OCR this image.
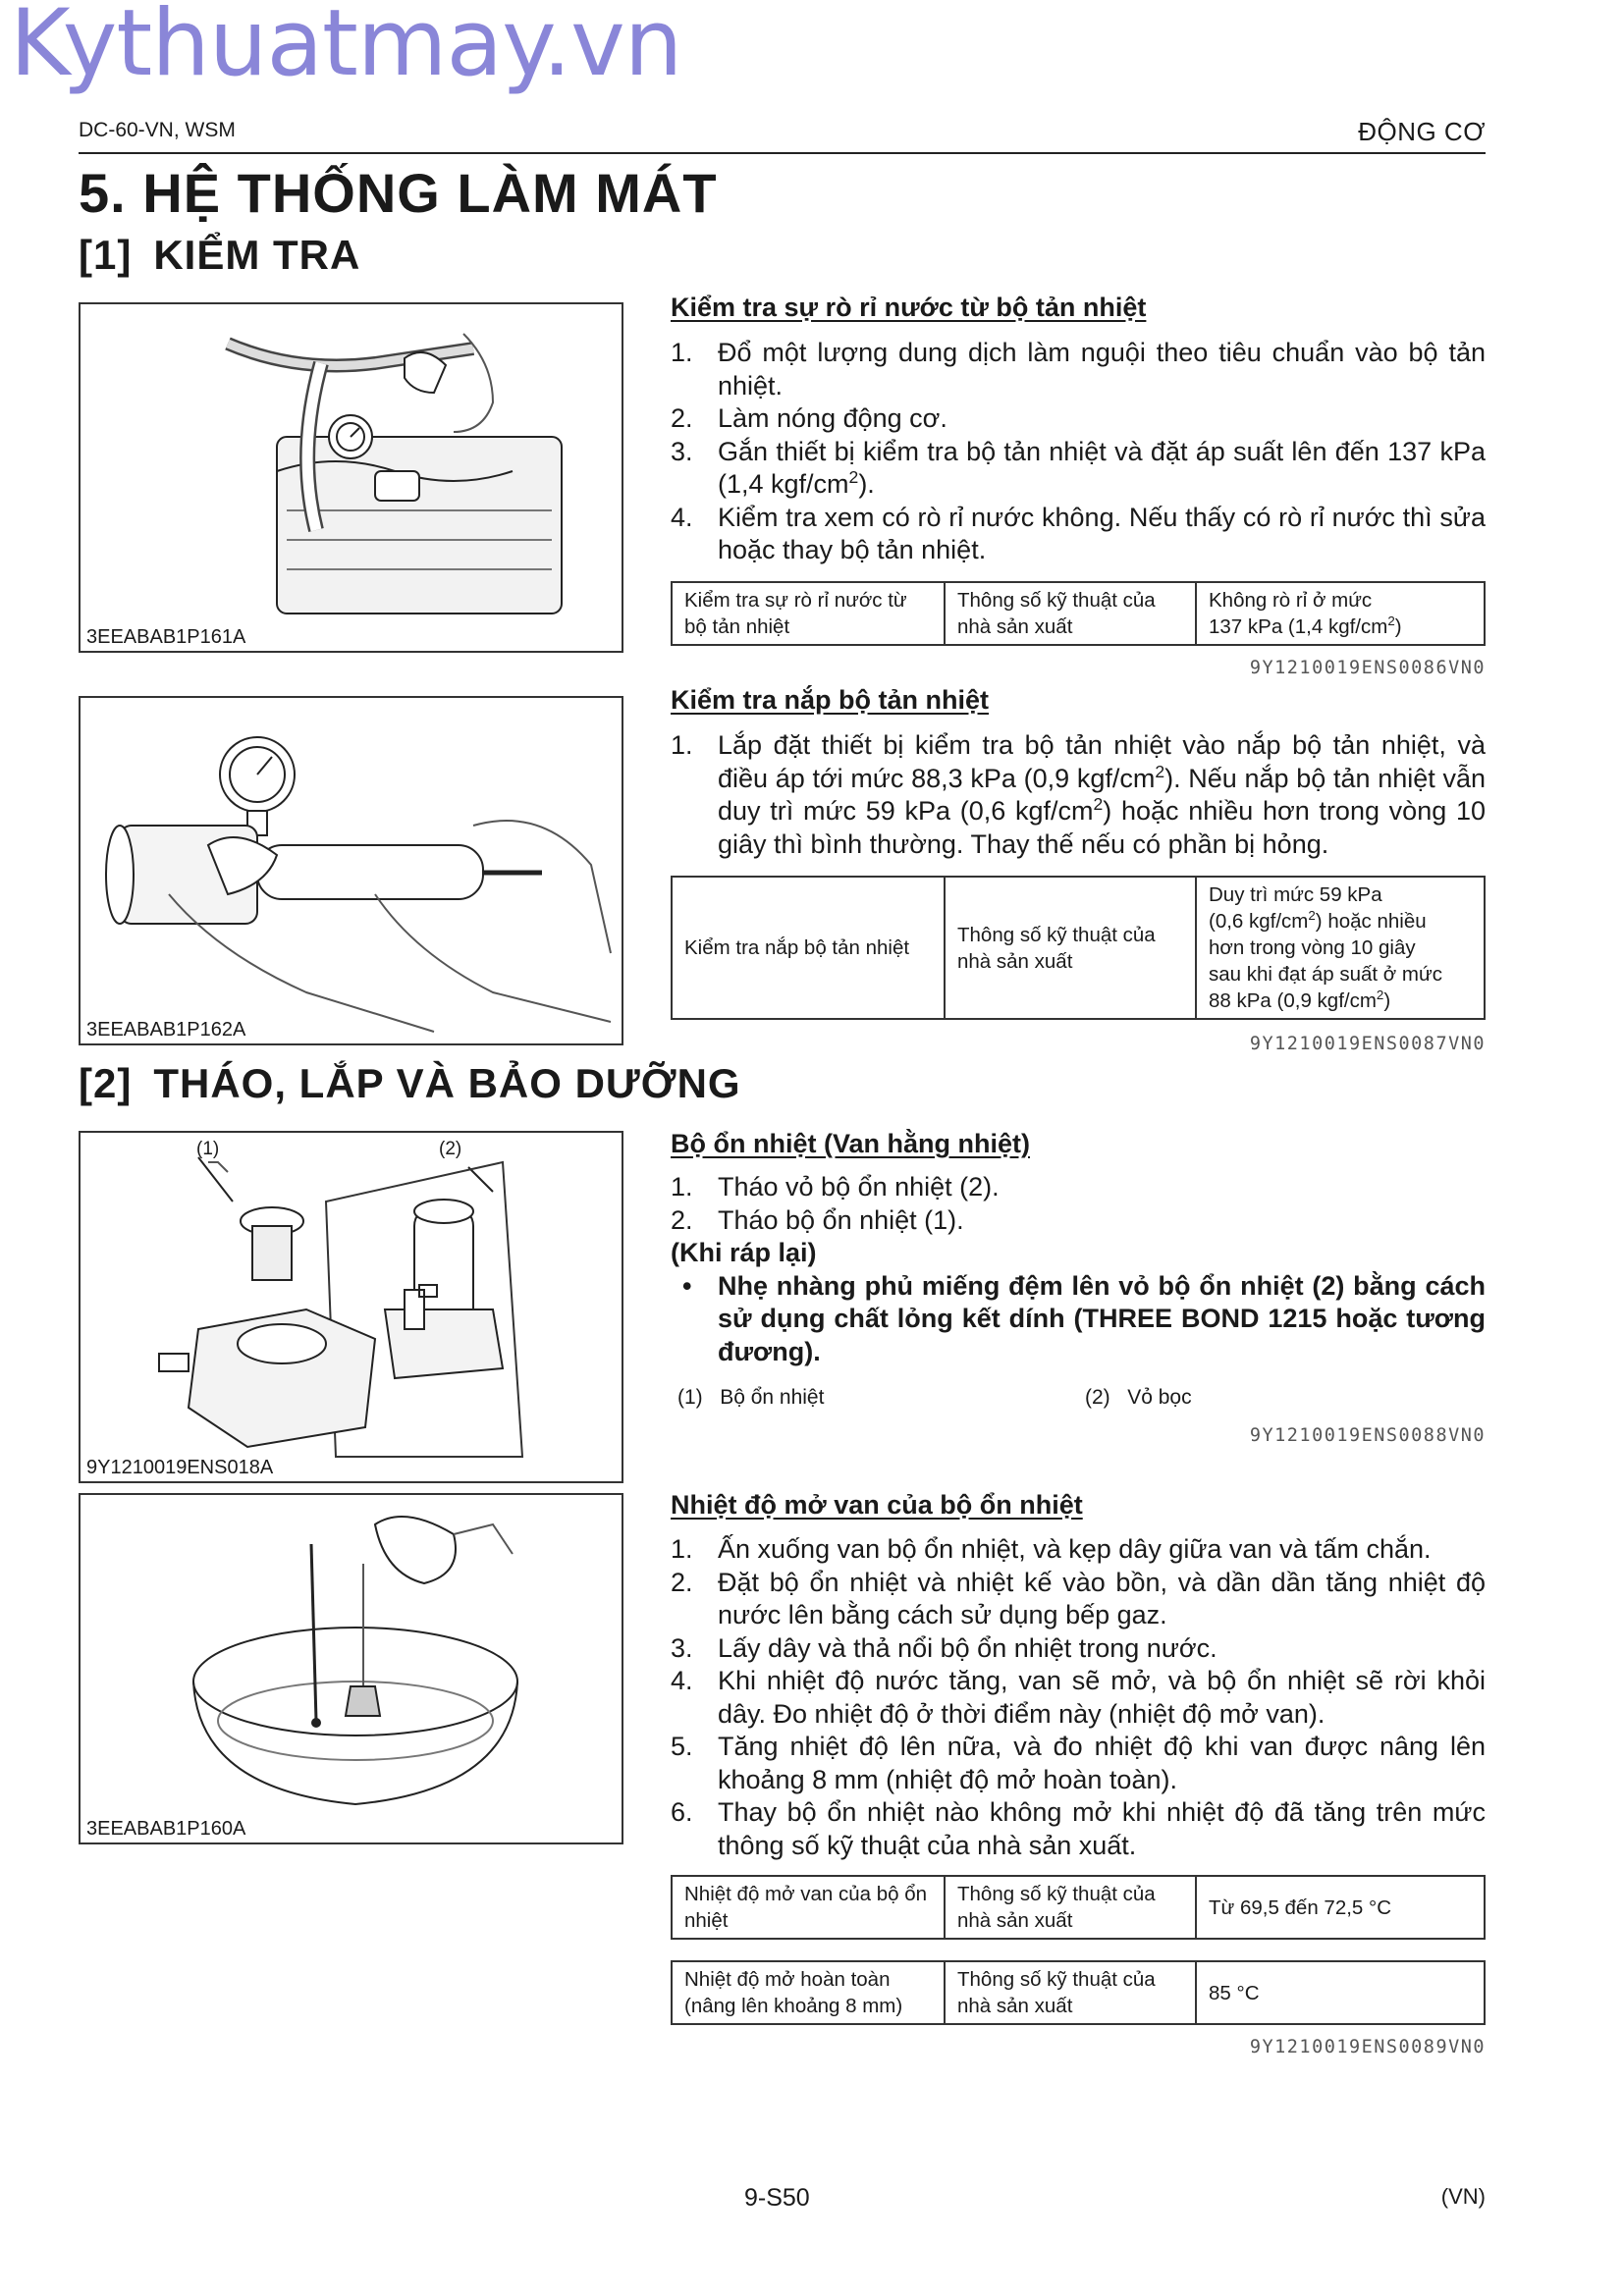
Kythuatmay.vn
DC-60-VN, WSM	ĐỘNG CƠ
5. HỆ THỐNG LÀM MÁT
[1] KIỂM TRA
3EEABAB1P161A
3EEABAB1P162A
[2] THÁO, LẮP VÀ BẢO DƯỠNG
(1)	(2)
9Y1210019ENS018A
3EEABAB1P160A
Kiểm tra sự rò rỉ nước từ bộ tản nhiệt
1. Đổ một lượng dung dịch làm nguội theo tiêu chuẩn vào bộ tản nhiệt.
2. Làm nóng động cơ.
3. Gắn thiết bị kiểm tra bộ tản nhiệt và đặt áp suất lên đến 137 kPa (1,4 kgf/$cm^2$).
4. Kiểm tra xem có rò rỉ nước không. Nếu thấy có rò rỉ nước thì sửa hoặc thay bộ tản nhiệt.
Kiểm tra sự rò rỉ nước từ bộ tản nhiệt	Thông số kỹ thuật của nhà sản xuất	Không rò rỉ ở mức
137 kPa (1,4 kgf/$cm^2$)
9Y1210019ENS0086VN0
Kiểm tra nắp bộ tản nhiệt
1. Lắp đặt thiết bị kiểm tra bộ tản nhiệt vào nắp bộ tản nhiệt, và điều áp tới mức 88,3 kPa (0,9 kgf/$cm^2$). Nếu nắp bộ tản nhiệt vẫn duy trì mức 59 kPa (0,6 kgf/$cm^2$) hoặc nhiều hơn trong vòng 10 giây thì bình thường. Thay thế nếu có phần bị hỏng.
Kiểm tra nắp bộ tản nhiệt	Thông số kỹ thuật của nhà sản xuất	Duy trì mức 59 kPa
(0,6 kgf/$cm^2$) hoặc nhiều
hơn trong vòng 10 giây
sau khi đạt áp suất ở mức
88 kPa (0,9 kgf/$cm^2$)
9Y1210019ENS0087VN0
Bộ ổn nhiệt (Van hằng nhiệt)
1. Tháo vỏ bộ ổn nhiệt (2).
2. Tháo bộ ổn nhiệt (1).
(Khi ráp lại)
• Nhẹ nhàng phủ miếng đệm lên vỏ bộ ổn nhiệt (2) bằng cách sử dụng chất lỏng kết dính (THREE BOND 1215 hoặc tương đương).
(1) Bộ ổn nhiệt	(2) Vỏ bọc
9Y1210019ENS0088VN0
Nhiệt độ mở van của bộ ổn nhiệt
1. Ấn xuống van bộ ổn nhiệt, và kẹp dây giữa van và tấm chắn.
2. Đặt bộ ổn nhiệt và nhiệt kế vào bồn, và dần dần tăng nhiệt độ nước lên bằng cách sử dụng bếp gaz.
3. Lấy dây và thả nổi bộ ổn nhiệt trong nước.
4. Khi nhiệt độ nước tăng, van sẽ mở, và bộ ổn nhiệt sẽ rời khỏi dây. Đo nhiệt độ ở thời điểm này (nhiệt độ mở van).
5. Tăng nhiệt độ lên nữa, và đo nhiệt độ khi van được nâng lên khoảng 8 mm (nhiệt độ mở hoàn toàn).
6. Thay bộ ổn nhiệt nào không mở khi nhiệt độ đã tăng trên mức thông số kỹ thuật của nhà sản xuất.
Nhiệt độ mở van của bộ ổn nhiệt	Thông số kỹ thuật của nhà sản xuất	Từ 69,5 đến 72,5 °C
Nhiệt độ mở hoàn toàn (nâng lên khoảng 8 mm)	Thông số kỹ thuật của nhà sản xuất	85 °C
9Y1210019ENS0089VN0
9-S50	(VN)
